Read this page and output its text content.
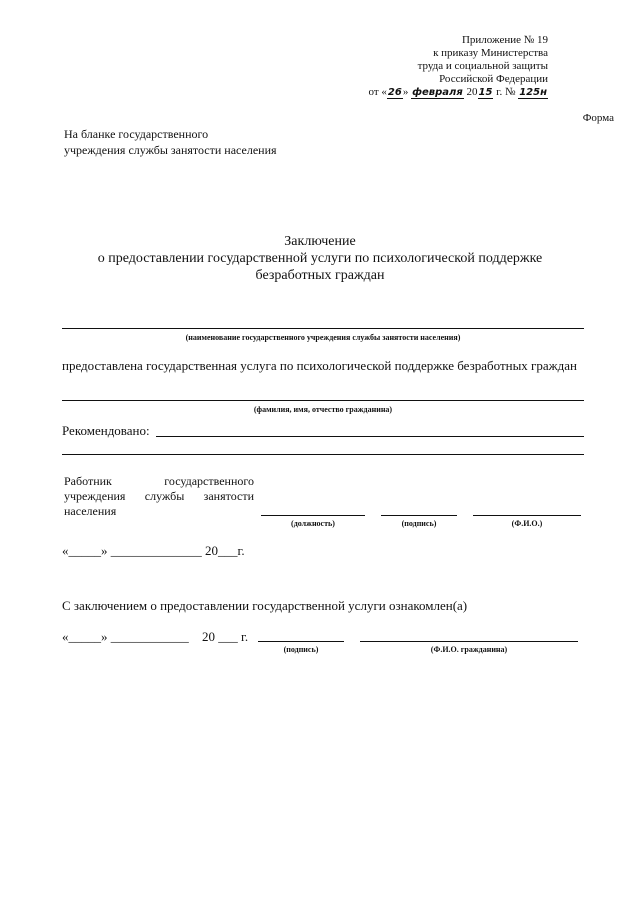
Приложение № 19
к приказу Министерства
труда и социальной защиты
Российской Федерации
от «26» февраля 2015 г. № 125н
Форма
На бланке государственного
учреждения службы занятости населения
Заключение
о предоставлении государственной услуги по психологической поддержке
безработных граждан
(наименование государственного учреждения службы занятости населения)
предоставлена государственная услуга по психологической поддержке безработных граждан
(фамилия, имя, отчество гражданина)
Рекомендовано:
Работник	государственного
учреждения службы занятости
населения
(должность)	(подпись)	(Ф.И.О.)
«_____» ______________ 20___г.
С заключением о предоставлении государственной услуги ознакомлен(а)
«_____» ____________ 20 ___ г.
(подпись)	(Ф.И.О. гражданина)
